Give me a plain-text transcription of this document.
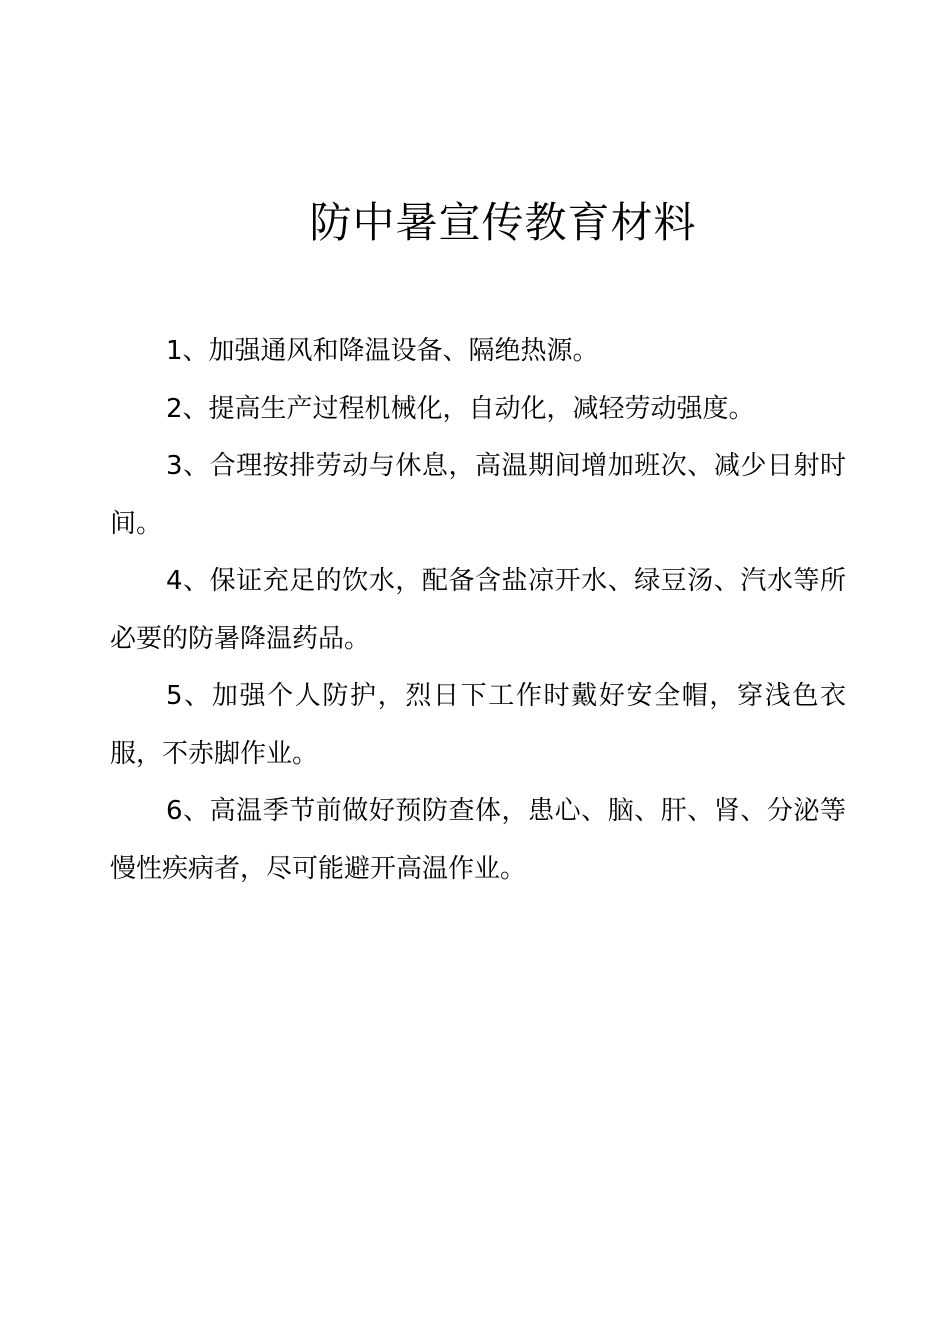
防中暑宣传教育材料

1、加强通风和降温设备、隔绝热源。

2、提高生产过程机械化，自动化，减轻劳动强度。

3、合理按排劳动与休息，高温期间增加班次、减少日射时间。

4、保证充足的饮水，配备含盐凉开水、绿豆汤、汽水等所必要的防暑降温药品。

5、加强个人防护，烈日下工作时戴好安全帽，穿浅色衣服，不赤脚作业。

6、高温季节前做好预防查体，患心、脑、肝、肾、分泌等慢性疾病者，尽可能避开高温作业。
